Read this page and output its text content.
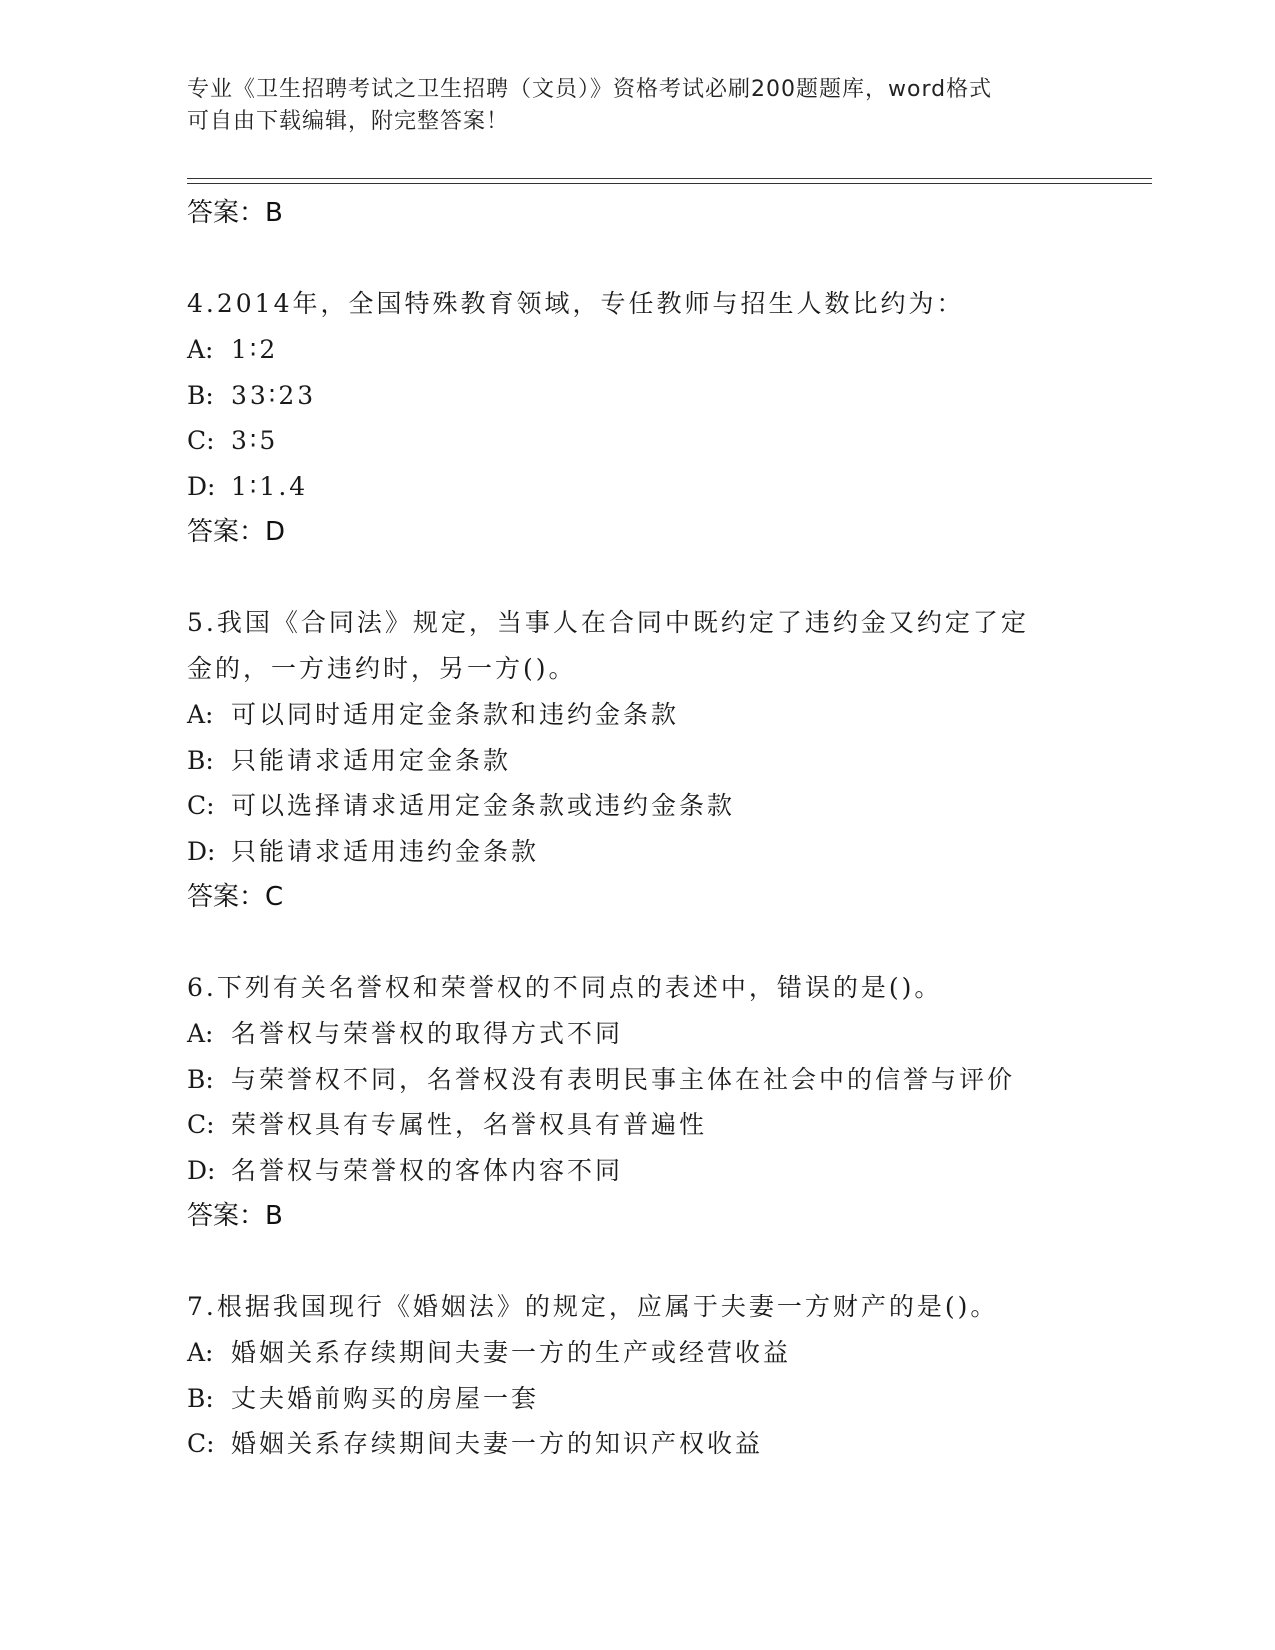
专业《卫生招聘考试之卫生招聘（文员）》资格考试必刷200题题库，word格式
可自由下载编辑，附完整答案！
答案：B
4.2014年，全国特殊教育领域，专任教师与招生人数比约为：
A: 1∶2
B: 33∶23
C: 3∶5
D: 1∶1.4
答案：D
5.我国《合同法》规定，当事人在合同中既约定了违约金又约定了定
金的，一方违约时，另一方()。
A: 可以同时适用定金条款和违约金条款
B: 只能请求适用定金条款
C: 可以选择请求适用定金条款或违约金条款
D: 只能请求适用违约金条款
答案：C
6.下列有关名誉权和荣誉权的不同点的表述中，错误的是()。
A: 名誉权与荣誉权的取得方式不同
B: 与荣誉权不同，名誉权没有表明民事主体在社会中的信誉与评价
C: 荣誉权具有专属性，名誉权具有普遍性
D: 名誉权与荣誉权的客体内容不同
答案：B
7.根据我国现行《婚姻法》的规定，应属于夫妻一方财产的是()。
A: 婚姻关系存续期间夫妻一方的生产或经营收益
B: 丈夫婚前购买的房屋一套
C: 婚姻关系存续期间夫妻一方的知识产权收益
